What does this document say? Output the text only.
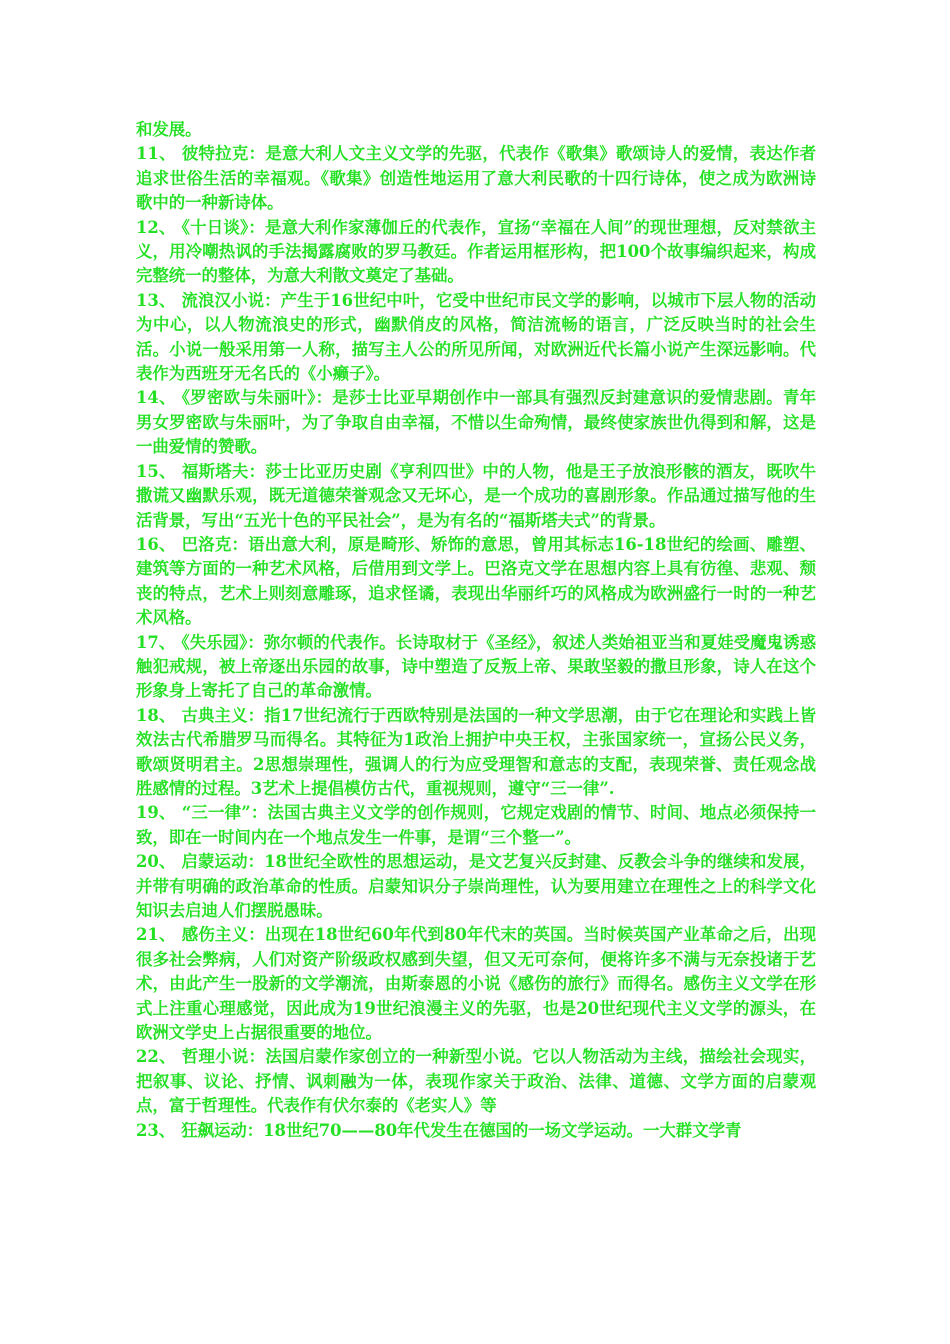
和发展。

11、 彼特拉克：是意大利人文主义文学的先驱，代表作《歌集》歌颂诗人的爱情，表达作者追求世俗生活的幸福观。《歌集》创造性地运用了意大利民歌的十四行诗体，使之成为欧洲诗歌中的一种新诗体。

12、 《十日谈》：是意大利作家薄伽丘的代表作，宣扬“幸福在人间”的现世理想，反对禁欲主义，用冷嘲热讽的手法揭露腐败的罗马教廷。作者运用框形构，把100个故事编织起来，构成完整统一的整体，为意大利散文奠定了基础。

13、 流浪汉小说：产生于16世纪中叶，它受中世纪市民文学的影响，以城市下层人物的活动为中心，以人物流浪史的形式，幽默俏皮的风格，简洁流畅的语言，广泛反映当时的社会生活。小说一般采用第一人称，描写主人公的所见所闻，对欧洲近代长篇小说产生深远影响。代表作为西班牙无名氏的《小癞子》。

14、 《罗密欧与朱丽叶》：是莎士比亚早期创作中一部具有强烈反封建意识的爱情悲剧。青年男女罗密欧与朱丽叶，为了争取自由幸福，不惜以生命殉情，最终使家族世仇得到和解，这是一曲爱情的赞歌。

15、 福斯塔夫：莎士比亚历史剧《亨利四世》中的人物，他是王子放浪形骸的酒友，既吹牛撒谎又幽默乐观，既无道德荣誉观念又无坏心，是一个成功的喜剧形象。作品通过描写他的生活背景，写出“五光十色的平民社会”，是为有名的“福斯塔夫式”的背景。

16、 巴洛克：语出意大利，原是畸形、矫饰的意思，曾用其标志16-18世纪的绘画、雕塑、建筑等方面的一种艺术风格，后借用到文学上。巴洛克文学在思想内容上具有彷徨、悲观、颓丧的特点，艺术上则刻意雕琢，追求怪谲，表现出华丽纤巧的风格成为欧洲盛行一时的一种艺术风格。

17、 《失乐园》：弥尔顿的代表作。长诗取材于《圣经》，叙述人类始祖亚当和夏娃受魔鬼诱惑触犯戒规，被上帝逐出乐园的故事，诗中塑造了反叛上帝、果敢坚毅的撒旦形象，诗人在这个形象身上寄托了自己的革命激情。

18、 古典主义：指17世纪流行于西欧特别是法国的一种文学思潮，由于它在理论和实践上皆效法古代希腊罗马而得名。其特征为1政治上拥护中央王权，主张国家统一，宣扬公民义务，歌颂贤明君主。2思想崇理性，强调人的行为应受理智和意志的支配，表现荣誉、责任观念战胜感情的过程。3艺术上提倡模仿古代，重视规则，遵守“三一律”.

19、 “三一律”：法国古典主义文学的创作规则，它规定戏剧的情节、时间、地点必须保持一致，即在一时间内在一个地点发生一件事，是谓“三个整一”。

20、 启蒙运动：18世纪全欧性的思想运动，是文艺复兴反封建、反教会斗争的继续和发展，并带有明确的政治革命的性质。启蒙知识分子崇尚理性，认为要用建立在理性之上的科学文化知识去启迪人们摆脱愚昧。

21、 感伤主义：出现在18世纪60年代到80年代末的英国。当时候英国产业革命之后，出现很多社会弊病，人们对资产阶级政权感到失望，但又无可奈何，便将许多不满与无奈投诸于艺术，由此产生一股新的文学潮流，由斯泰恩的小说《感伤的旅行》而得名。感伤主义文学在形式上注重心理感觉，因此成为19世纪浪漫主义的先驱，也是20世纪现代主义文学的源头，在欧洲文学史上占据很重要的地位。

22、 哲理小说：法国启蒙作家创立的一种新型小说。它以人物活动为主线，描绘社会现实，把叙事、议论、抒情、讽刺融为一体，表现作家关于政治、法律、道德、文学方面的启蒙观点，富于哲理性。代表作有伏尔泰的《老实人》等

23、 狂飙运动：18世纪70——80年代发生在德国的一场文学运动。一大群文学青
